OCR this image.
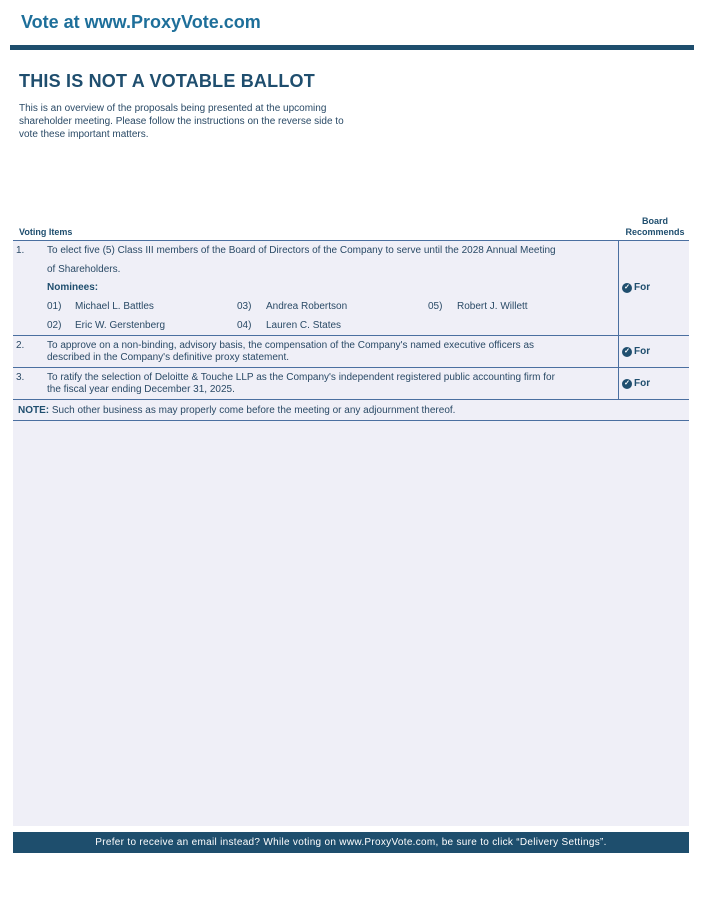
Vote at www.ProxyVote.com
THIS IS NOT A VOTABLE BALLOT
This is an overview of the proposals being presented at the upcoming shareholder meeting. Please follow the instructions on the reverse side to vote these important matters.
Voting Items
Board
Recommends
1. To elect five (5) Class III members of the Board of Directors of the Company to serve until the 2028 Annual Meeting
of Shareholders.
Nominees:
01) Michael L. Battles
02) Eric W. Gerstenberg
03) Andrea Robertson
04) Lauren C. States
05) Robert J. Willett
✓ For
2. To approve on a non-binding, advisory basis, the compensation of the Company's named executive officers as
described in the Company's definitive proxy statement.
✓ For
3. To ratify the selection of Deloitte & Touche LLP as the Company's independent registered public accounting firm for
the fiscal year ending December 31, 2025.
✓ For
NOTE: Such other business as may properly come before the meeting or any adjournment thereof.
Prefer to receive an email instead? While voting on www.ProxyVote.com, be sure to click “Delivery Settings”.
